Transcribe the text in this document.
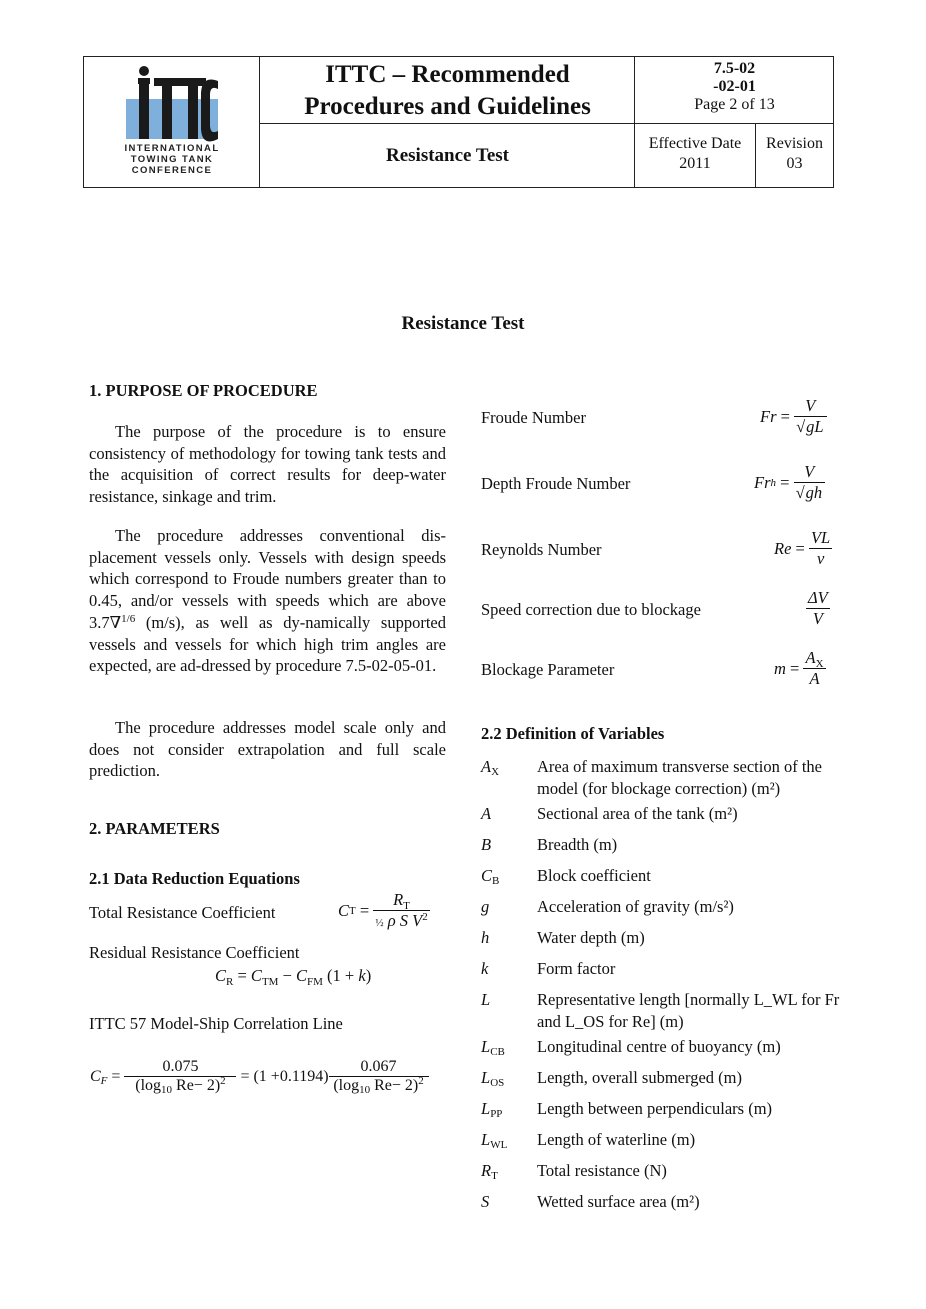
INTERNATIONAL
TOWING TANK
CONFERENCE
ITTC – Recommended
Procedures and Guidelines
Resistance Test
7.5-02
-02-01
Page 2 of 13
Effective Date
2011
Revision
03
Resistance Test
1. PURPOSE OF PROCEDURE
The purpose of the procedure is to ensure consistency of methodology for towing tank tests and the acquisition of correct results for deep-water resistance, sinkage and trim.
The procedure addresses conventional dis-placement vessels only. Vessels with design speeds which correspond to Froude numbers greater than to 0.45, and/or vessels with speeds which are above 3.7∇$^{1/6}$ (m/s), as well as dy-namically supported vessels and vessels for which high trim angles are expected, are ad-dressed by procedure 7.5-02-05-01.
The procedure addresses model scale only and does not consider extrapolation and full scale prediction.
2. PARAMETERS
2.1 Data Reduction Equations
Total Resistance Coefficient	C $T = \frac{R_T}{\frac{1}{2} \rho S V^2}$
Residual Resistance Coefficient
$C_R = C_{TM} - C_{FM}$ (1 + k)
ITTC 57 Model-Ship Correlation Line
$C_F = \frac{0.075}{(\log_{10} Re- 2)^2} = (1 + 0.1194$ ) $\frac{0.067}{(\log_{10} Re- 2)^2}$
Froude Number	$Fr = \frac{V}{√gL}$
Depth Froude Number	Fr $h = \frac{V}{√gh}$
Reynolds Number	$Re = \frac{VL}{\nu}$
Speed correction due to blockage	$\frac{\Delta V}{V}$
Blockage Parameter	$m = \frac{A_X}{A}$
2.2 Definition of Variables
AX	Area of maximum transverse section of the model (for blockage correction) (m²)
A	Sectional area of the tank (m²)
B	Breadth (m)
CB	Block coefficient
g	Acceleration of gravity (m/s²)
h	Water depth (m)
k	Form factor
L	Representative length [normally L_WL for Fr and L_OS for Re] (m)
LCB	Longitudinal centre of buoyancy (m)
LOS	Length, overall submerged (m)
LPP	Length between perpendiculars (m)
LWL	Length of waterline (m)
RT	Total resistance (N)
S	Wetted surface area (m²)
